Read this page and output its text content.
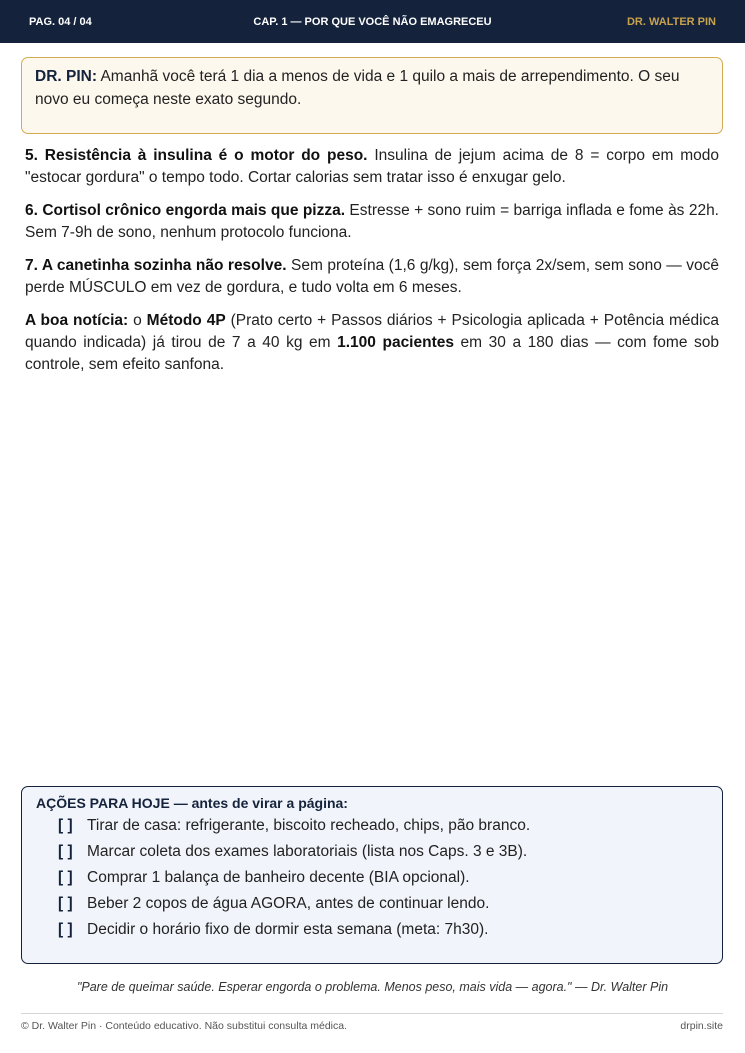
PAG. 04 / 04	CAP. 1 — POR QUE VOCÊ NÃO EMAGRECEU	DR. WALTER PIN
DR. PIN: Amanhã você terá 1 dia a menos de vida e 1 quilo a mais de arrependimento. O seu novo eu começa neste exato segundo.

5. Resistência à insulina é o motor do peso. Insulina de jejum acima de 8 = corpo em modo "estocar gordura" o tempo todo. Cortar calorias sem tratar isso é enxugar gelo.

6. Cortisol crônico engorda mais que pizza. Estresse + sono ruim = barriga inflada e fome às 22h. Sem 7-9h de sono, nenhum protocolo funciona.

7. A canetinha sozinha não resolve. Sem proteína (1,6 g/kg), sem força 2x/sem, sem sono — você perde MÚSCULO em vez de gordura, e tudo volta em 6 meses.

A boa notícia: o Método 4P (Prato certo + Passos diários + Psicologia aplicada + Potência médica quando indicada) já tirou de 7 a 40 kg em 1.100 pacientes em 30 a 180 dias — com fome sob controle, sem efeito sanfona.

AÇÕES PARA HOJE — antes de virar a página:
[ ] Tirar de casa: refrigerante, biscoito recheado, chips, pão branco.
[ ] Marcar coleta dos exames laboratoriais (lista nos Caps. 3 e 3B).
[ ] Comprar 1 balança de banheiro decente (BIA opcional).
[ ] Beber 2 copos de água AGORA, antes de continuar lendo.
[ ] Decidir o horário fixo de dormir esta semana (meta: 7h30).
"Pare de queimar saúde. Esperar engorda o problema. Menos peso, mais vida — agora." — Dr. Walter Pin
© Dr. Walter Pin · Conteúdo educativo. Não substitui consulta médica.	drpin.site
